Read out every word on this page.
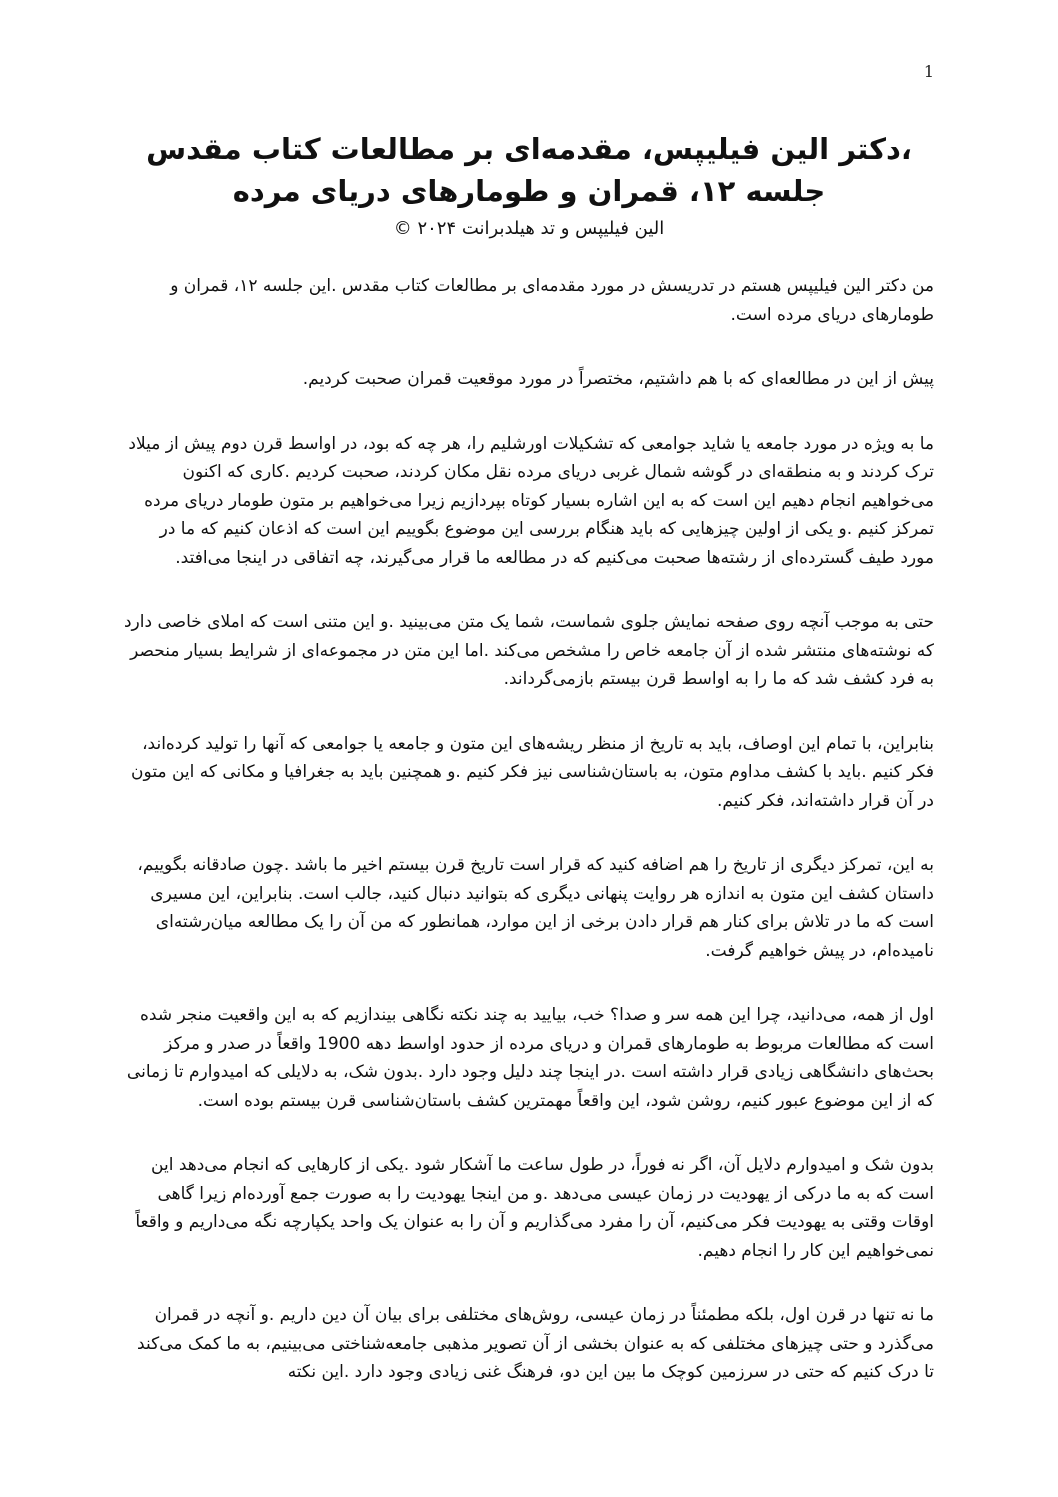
1

،دکتر الین فیلیپس، مقدمه‌ای بر مطالعات کتاب مقدس

جلسه ۱۲، قمران و طومارهای دریای مرده

الین فیلیپس و تد هیلدبرانت ۲۰۲۴ ©

من دکتر الین فیلیپس هستم در تدریسش در مورد مقدمه‌ای بر مطالعات کتاب مقدس .این جلسه ۱۲، قمران و طومارهای دریای مرده است.

پیش از این در مطالعه‌ای که با هم داشتیم، مختصراً در مورد موقعیت قمران صحبت کردیم.

ما به ویژه در مورد جامعه یا شاید جوامعی که تشکیلات اورشلیم را، هر چه که بود، در اواسط قرن دوم پیش از میلاد ترک کردند و به منطقه‌ای در گوشه شمال غربی دریای مرده نقل مکان کردند، صحبت کردیم .کاری که اکنون می‌خواهیم انجام دهیم این است که به این اشاره بسیار کوتاه بپردازیم زیرا می‌خواهیم بر متون طومار دریای مرده تمرکز کنیم .و یکی از اولین چیزهایی که باید هنگام بررسی این موضوع بگوییم این است که اذعان کنیم که ما در مورد طیف گسترده‌ای از رشته‌ها صحبت می‌کنیم که در مطالعه ما قرار می‌گیرند، چه اتفاقی در اینجا می‌افتد.

حتی به موجب آنچه روی صفحه نمایش جلوی شماست، شما یک متن می‌بینید .و این متنی است که املای خاصی دارد که نوشته‌های منتشر شده از آن جامعه خاص را مشخص می‌کند .اما این متن در مجموعه‌ای از شرایط بسیار منحصر به فرد کشف شد که ما را به اواسط قرن بیستم بازمی‌گرداند.

بنابراین، با تمام این اوصاف، باید به تاریخ از منظر ریشه‌های این متون و جامعه یا جوامعی که آنها را تولید کرده‌اند، فکر کنیم .باید با کشف مداوم متون، به باستان‌شناسی نیز فکر کنیم .و همچنین باید به جغرافیا و مکانی که این متون در آن قرار داشته‌اند، فکر کنیم.

به این، تمرکز دیگری از تاریخ را هم اضافه کنید که قرار است تاریخ قرن بیستم اخیر ما باشد .چون صادقانه بگوییم، داستان کشف این متون به اندازه هر روایت پنهانی دیگری که بتوانید دنبال کنید، جالب است. بنابراین، این مسیری است که ما در تلاش برای کنار هم قرار دادن برخی از این موارد، همانطور که من آن را یک مطالعه میان‌رشته‌ای نامیده‌ام، در پیش خواهیم گرفت.

اول از همه، می‌دانید، چرا این همه سر و صدا؟ خب، بیایید به چند نکته نگاهی بیندازیم که به این واقعیت منجر شده است که مطالعات مربوط به طومارهای قمران و دریای مرده از حدود اواسط دهه 1900 واقعاً در صدر و مرکز بحث‌های دانشگاهی زیادی قرار داشته است .در اینجا چند دلیل وجود دارد .بدون شک، به دلایلی که امیدوارم تا زمانی که از این موضوع عبور کنیم، روشن شود، این واقعاً مهمترین کشف باستان‌شناسی قرن بیستم بوده است.

بدون شک و امیدوارم دلایل آن، اگر نه فوراً، در طول ساعت ما آشکار شود .یکی از کارهایی که انجام می‌دهد این است که به ما درکی از یهودیت در زمان عیسی می‌دهد .و من اینجا یهودیت را به صورت جمع آورده‌ام زیرا گاهی اوقات وقتی به یهودیت فکر می‌کنیم، آن را مفرد می‌گذاریم و آن را به عنوان یک واحد یکپارچه نگه می‌داریم و واقعاً نمی‌خواهیم این کار را انجام دهیم.

ما نه تنها در قرن اول، بلکه مطمئناً در زمان عیسی، روش‌های مختلفی برای بیان آن دین داریم .و آنچه در قمران می‌گذرد و حتی چیزهای مختلفی که به عنوان بخشی از آن تصویر مذهبی جامعه‌شناختی می‌بینیم، به ما کمک می‌کند تا درک کنیم که حتی در سرزمین کوچک ما بین این دو، فرهنگ غنی زیادی وجود دارد .این نکته
